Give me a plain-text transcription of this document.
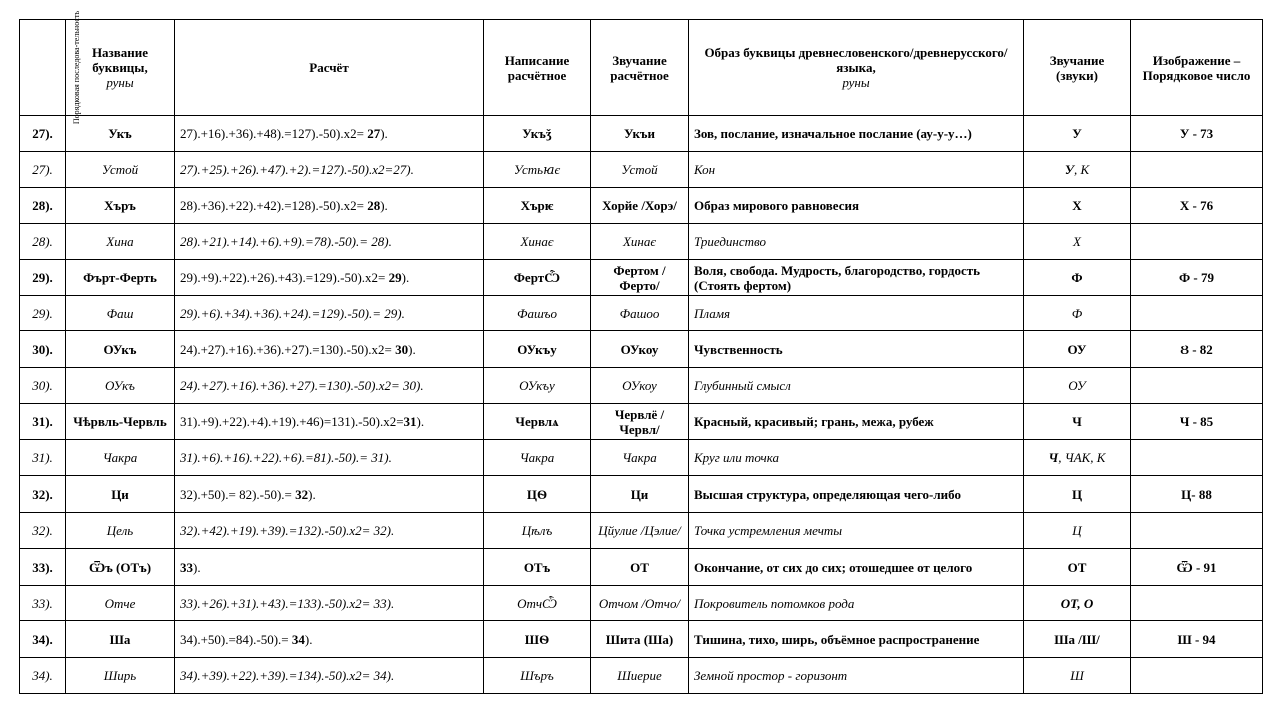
Порядковая последова-тельность	Название буквицы,
руны	Расчёт	Написание расчётное	Звучание расчётное	Образ буквицы древнесловенского/древнерусского/языка,
руны	Звучание (звуки)	Изображение – Порядковое число
27).	Укъ	27).+16).+36).+48).=127).-50).x2= 27).	Укъǯ	Укъи	Зов, послание, изначальное послание (ау-у-у…)	У	У - 73
27).	Устой	27).+25).+26).+47).+2).=127).-50).x2=27).	Устьꙗє	Устой	Кон	У, К	
28).	Хъръ	28).+36).+22).+42).=128).-50).x2= 28).	Хърѥ	Хорйе /Хорэ/	Образ мирового равновесия	Х	Х - 76
28).	Хина	28).+21).+14).+6).+9).=78).-50).= 28).	Хинає	Хинає	Триединство	Х	
29).	Фърт-Ферть	29).+9).+22).+26).+43).=129).-50).x2= 29).	ФертѼ	Фертом /Ферто/	Воля, свобода. Мудрость, благородство, гордость (Стоять фертом)	Ф	Ф - 79
29).	Фаш	29).+6).+34).+36).+24).=129).-50).= 29).	Фашъо	Фашоо	Пламя	Ф	
30).	ОУкъ	24).+27).+16).+36).+27).=130).-50).x2= 30).	ОУкъу	ОУкоу	Чувственность	ОУ	Ȣ - 82
30).	ОУкъ	24).+27).+16).+36).+27).=130).-50).x2= 30).	ОУкъу	ОУкоу	Глубинный смысл	ОУ	
31).	Чѣрвль-Червль	31).+9).+22).+4).+19).+46)=131).-50).x2=31).	Червлѧ	Червлё /Червл/	Красный, красивый; грань, межа, рубеж	Ч	Ч - 85
31).	Чакра	31).+6).+16).+22).+6).=81).-50).= 31).	Чакра	Чакра	Круг или точка	Ч, ЧАК, К	
32).	Ци	32).+50).= 82).-50).= 32).	ЦѲ	Ци	Высшая структура, определяющая чего-либо	Ц	Ц- 88
32).	Цель	32).+42).+19).+39).=132).-50).x2= 32).	Цѣлъ	Цйулие /Цэлие/	Точка устремления мечты	Ц	
33).	Ѿъ (ОТъ)	33).	ОТъ	ОТ	Окончание, от сих до сих; отошедшее от целого	ОТ	Ѿ - 91
33).	Отче	33).+26).+31).+43).=133).-50).x2= 33).	ОтчѼ	Отчом /Отчо/	Покровитель потомков рода	ОТ, О	
34).	Ша	34).+50).=84).-50).= 34).	ШѲ	Шита (Ша)	Тишина, тихо, ширь, объёмное распространение	Ша /Ш/	Ш - 94
34).	Ширь	34).+39).+22).+39).=134).-50).x2= 34).	Шъръ	Шиерие	Земной простор - горизонт	Ш	
